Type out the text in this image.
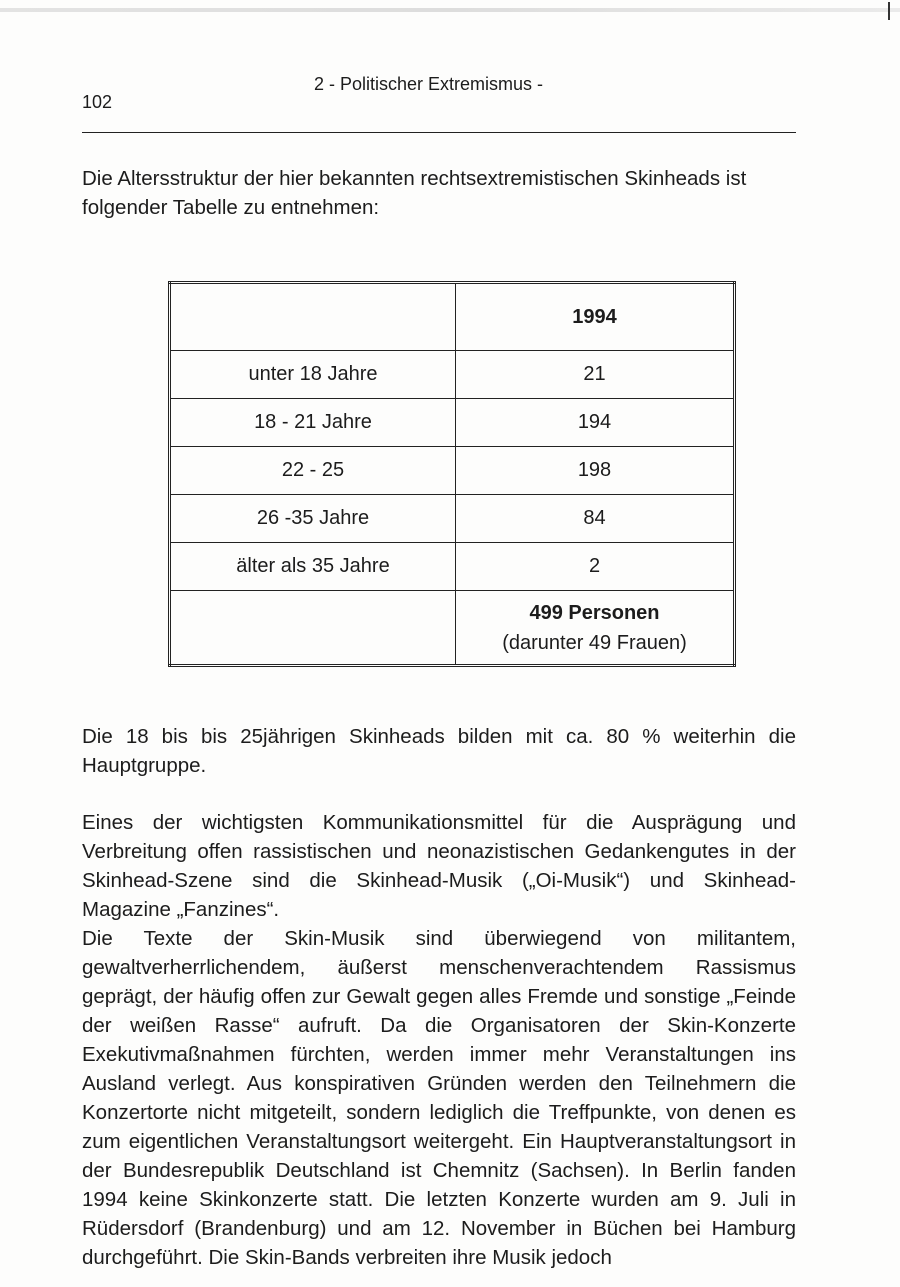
102
2 - Politischer Extremismus -

Die Altersstruktur der hier bekannten rechtsextremistischen Skinheads ist folgender Tabelle zu entnehmen:

	1994
unter 18 Jahre	21
18 - 21 Jahre	194
22 - 25	198
26 -35 Jahre	84
älter als 35 Jahre	2

	499 Personen
(darunter 49 Frauen)

Die 18 bis bis 25jährigen Skinheads bilden mit ca. 80 % weiterhin die Hauptgruppe.

Eines der wichtigsten Kommunikationsmittel für die Ausprägung und Verbreitung offen rassistischen und neonazistischen Gedankengutes in der Skinhead-Szene sind die Skinhead-Musik („Oi-Musik“) und Skinhead-Magazine „Fanzines“.

Die Texte der Skin-Musik sind überwiegend von militantem, gewaltverherrlichendem, äußerst menschenverachtendem Rassismus geprägt, der häufig offen zur Gewalt gegen alles Fremde und sonstige „Feinde der weißen Rasse“ aufruft. Da die Organisatoren der Skin-Konzerte Exekutivmaßnahmen fürchten, werden immer mehr Veranstaltungen ins Ausland verlegt. Aus konspirativen Gründen werden den Teilnehmern die Konzertorte nicht mitgeteilt, sondern lediglich die Treffpunkte, von denen es zum eigentlichen Veranstaltungsort weitergeht. Ein Hauptveranstaltungsort in der Bundesrepublik Deutschland ist Chemnitz (Sachsen). In Berlin fanden 1994 keine Skinkonzerte statt. Die letzten Konzerte wurden am 9. Juli in Rüdersdorf (Brandenburg) und am 12. November in Büchen bei Hamburg durchgeführt. Die Skin-Bands verbreiten ihre Musik jedoch
